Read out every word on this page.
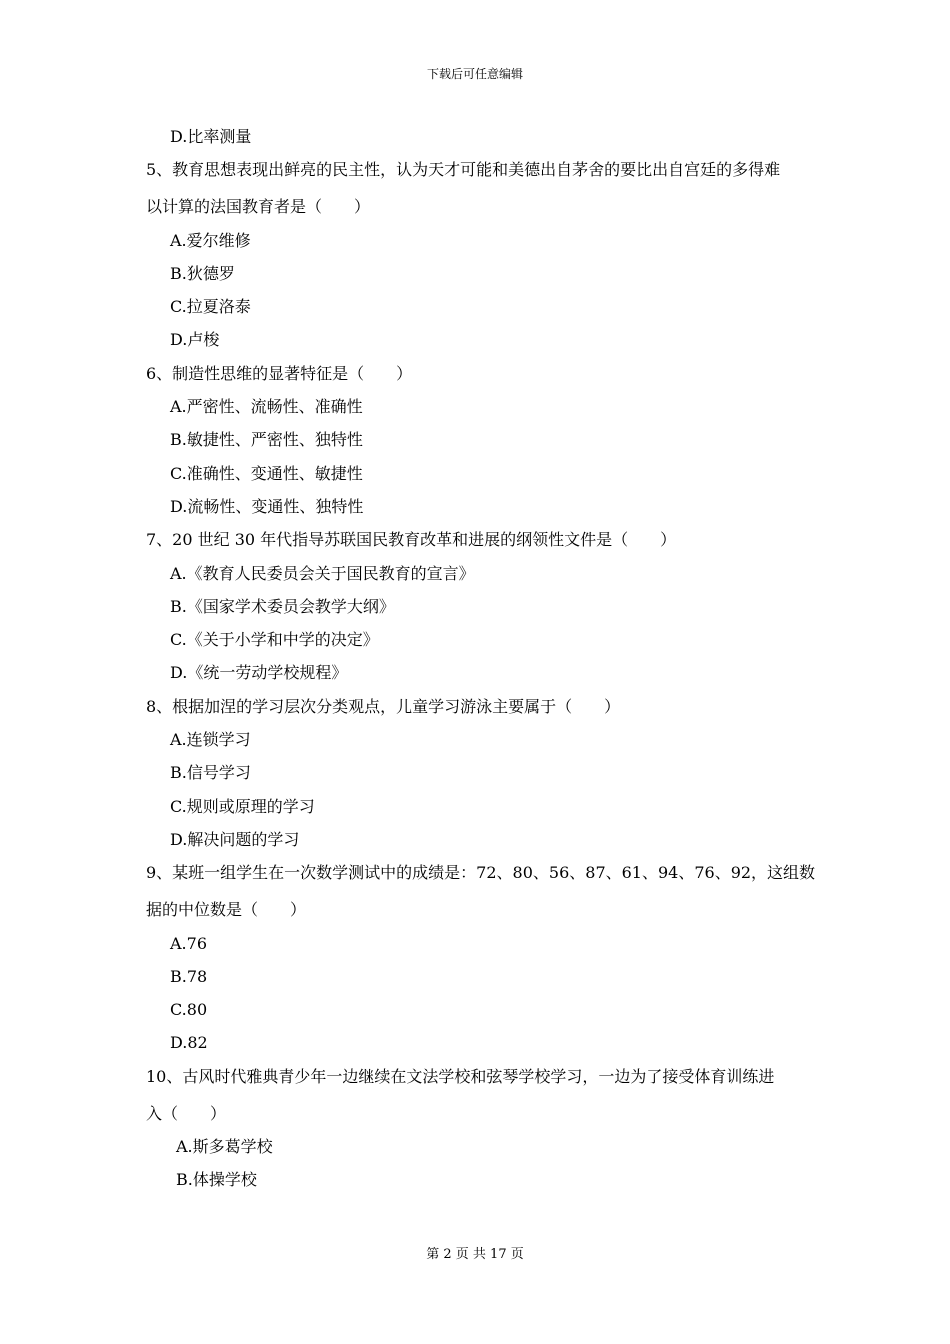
下载后可任意编辑
D.比率测量
5、教育思想表现出鲜亮的民主性，认为天才可能和美德出自茅舍的要比出自宫廷的多得难
以计算的法国教育者是（　　）
A.爱尔维修
B.狄德罗
C.拉夏洛泰
D.卢梭
6、制造性思维的显著特征是（　　）
A.严密性、流畅性、准确性
B.敏捷性、严密性、独特性
C.准确性、变通性、敏捷性
D.流畅性、变通性、独特性
7、20 世纪 30 年代指导苏联国民教育改革和进展的纲领性文件是（　　）
A.《教育人民委员会关于国民教育的宣言》
B.《国家学术委员会教学大纲》
C.《关于小学和中学的决定》
D.《统一劳动学校规程》
8、根据加涅的学习层次分类观点，儿童学习游泳主要属于（　　）
A.连锁学习
B.信号学习
C.规则或原理的学习
D.解决问题的学习
9、某班一组学生在一次数学测试中的成绩是：72、80、56、87、61、94、76、92，这组数
据的中位数是（　　）
A.76
B.78
C.80
D.82
10、古风时代雅典青少年一边继续在文法学校和弦琴学校学习，一边为了接受体育训练进
入（　　）
A.斯多葛学校
B.体操学校
第 2 页 共 17 页
